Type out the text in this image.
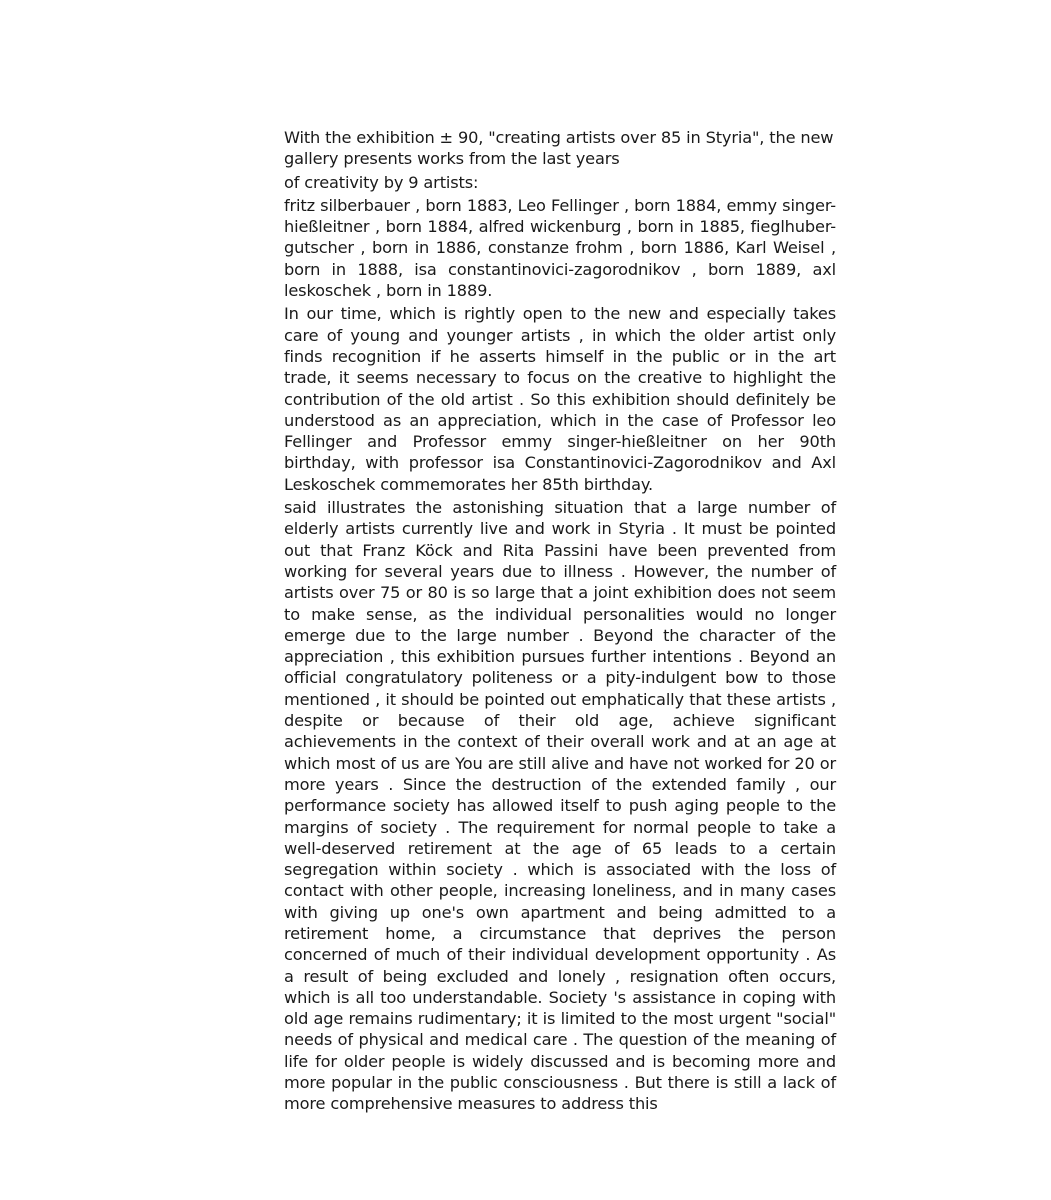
With the exhibition ± 90, "creating artists over 85 in Styria", the new gallery presents works from the last years

of creativity by 9 artists:

fritz silberbauer , born 1883, Leo Fellinger , born 1884, emmy singer-hießleitner , born 1884, alfred wickenburg , born in 1885, fieglhuber-gutscher , born in 1886, constanze frohm , born 1886, Karl Weisel , born in 1888, isa constantinovici-zagorodnikov , born 1889, axl leskoschek , born in 1889.

In our time, which is rightly open to the new and especially takes care of young and younger artists , in which the older artist only finds recognition if he asserts himself in the public or in the art trade, it seems necessary to focus on the creative to highlight the contribution of the old artist . So this exhibition should definitely be understood as an appreciation, which in the case of Professor leo Fellinger and Professor emmy singer-hießleitner on her 90th birthday, with professor isa Constantinovici-Zagorodnikov and Axl Leskoschek commemorates her 85th birthday.

said illustrates the astonishing situation that a large number of elderly artists currently live and work in Styria . It must be pointed out that Franz Köck and Rita Passini have been prevented from working for several years due to illness . However, the number of artists over 75 or 80 is so large that a joint exhibition does not seem to make sense, as the individual personalities would no longer emerge due to the large number . Beyond the character of the appreciation , this exhibition pursues further intentions . Beyond an official congratulatory politeness or a pity-indulgent bow to those mentioned , it should be pointed out emphatically that these artists , despite or because of their old age, achieve significant achievements in the context of their overall work and at an age at which most of us are You are still alive and have not worked for 20 or more years . Since the destruction of the extended family , our performance society has allowed itself to push aging people to the margins of society . The requirement for normal people to take a well-deserved retirement at the age of 65 leads to a certain segregation within society . which is associated with the loss of contact with other people, increasing loneliness, and in many cases with giving up one's own apartment and being admitted to a retirement home, a circumstance that deprives the person concerned of much of their individual development opportunity . As a result of being excluded and lonely , resignation often occurs, which is all too understandable. Society 's assistance in coping with old age remains rudimentary; it is limited to the most urgent "social" needs of physical and medical care . The question of the meaning of life for older people is widely discussed and is becoming more and more popular in the public consciousness . But there is still a lack of more comprehensive measures to address this
